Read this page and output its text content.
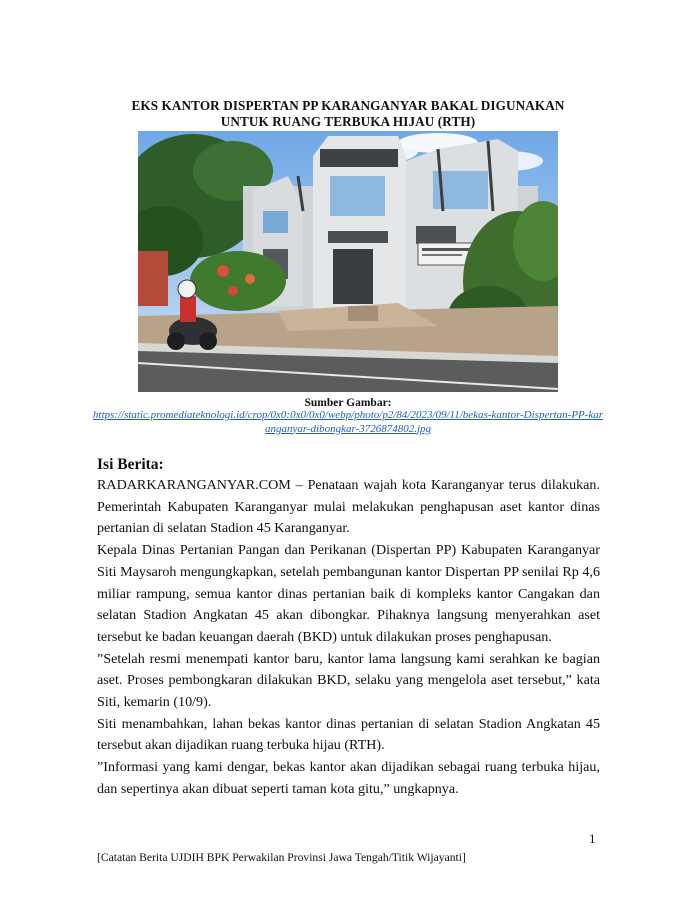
EKS KANTOR DISPERTAN PP KARANGANYAR BAKAL DIGUNAKAN
UNTUK RUANG TERBUKA HIJAU (RTH)
Sumber Gambar:
https://static.promediateknologi.id/crop/0x0:0x0/0x0/webp/photo/p2/84/2023/09/11/bekas-kantor-Dispertan-PP-karanganyar-dibongkar-3726874802.jpg
Isi Berita:

RADARKARANGANYAR.COM – Penataan wajah kota Karanganyar terus dilakukan. Pemerintah Kabupaten Karanganyar mulai melakukan penghapusan aset kantor dinas pertanian di selatan Stadion 45 Karanganyar.

Kepala Dinas Pertanian Pangan dan Perikanan (Dispertan PP) Kabupaten Karanganyar Siti Maysaroh mengungkapkan, setelah pembangunan kantor Dispertan PP senilai Rp 4,6 miliar rampung, semua kantor dinas pertanian baik di kompleks kantor Cangakan dan selatan Stadion Angkatan 45 akan dibongkar. Pihaknya langsung menyerahkan aset tersebut ke badan keuangan daerah (BKD) untuk dilakukan proses penghapusan.

”Setelah resmi menempati kantor baru, kantor lama langsung kami serahkan ke bagian aset. Proses pembongkaran dilakukan BKD, selaku yang mengelola aset tersebut,” kata Siti, kemarin (10/9).

Siti menambahkan, lahan bekas kantor dinas pertanian di selatan Stadion Angkatan 45 tersebut akan dijadikan ruang terbuka hijau (RTH).

”Informasi yang kami dengar, bekas kantor akan dijadikan sebagai ruang terbuka hijau, dan sepertinya akan dibuat seperti taman kota gitu,” ungkapnya.

1
[Catatan Berita UJDIH BPK Perwakilan Provinsi Jawa Tengah/Titik Wijayanti]
